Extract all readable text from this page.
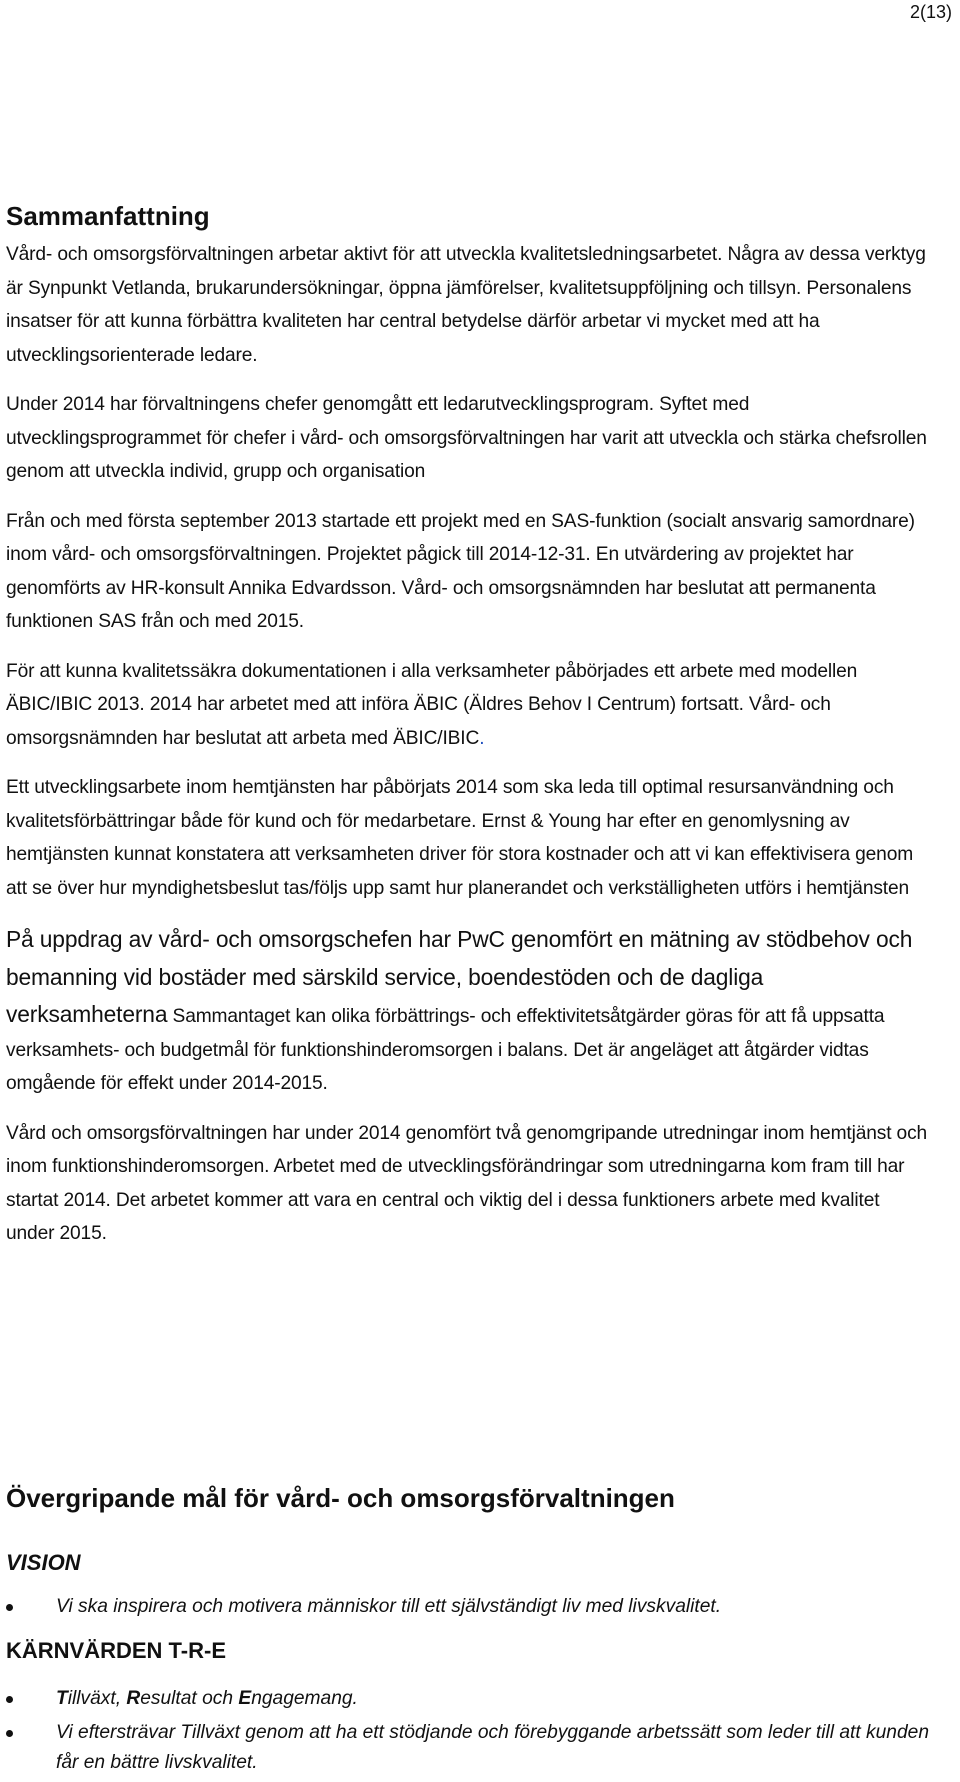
2(13)
Sammanfattning

Vård- och omsorgsförvaltningen arbetar aktivt för att utveckla kvalitetsledningsarbetet. Några av dessa verktyg är Synpunkt Vetlanda, brukarundersökningar, öppna jämförelser, kvalitetsuppföljning och tillsyn. Personalens insatser för att kunna förbättra kvaliteten har central betydelse därför arbetar vi mycket med att ha utvecklingsorienterade ledare.

Under 2014 har förvaltningens chefer genomgått ett ledarutvecklingsprogram. Syftet med utvecklingsprogrammet för chefer i vård- och omsorgsförvaltningen har varit att utveckla och stärka chefsrollen genom att utveckla individ, grupp och organisation

Från och med första september 2013 startade ett projekt med en SAS-funktion (socialt ansvarig samordnare) inom vård- och omsorgsförvaltningen. Projektet pågick till 2014-12-31. En utvärdering av projektet har genomförts av HR-konsult Annika Edvardsson. Vård- och omsorgsnämnden har beslutat att permanenta funktionen SAS från och med 2015.

För att kunna kvalitetssäkra dokumentationen i alla verksamheter påbörjades ett arbete med modellen ÄBIC/IBIC 2013. 2014 har arbetet med att införa ÄBIC (Äldres Behov I Centrum) fortsatt. Vård- och omsorgsnämnden har beslutat att arbeta med ÄBIC/IBIC.

Ett utvecklingsarbete inom hemtjänsten har påbörjats 2014 som ska leda till optimal resursanvändning och kvalitetsförbättringar både för kund och för medarbetare. Ernst & Young har efter en genomlysning av hemtjänsten kunnat konstatera att verksamheten driver för stora kostnader och att vi kan effektivisera genom att se över hur myndighetsbeslut tas/följs upp samt hur planerandet och verkställigheten utförs i hemtjänsten

På uppdrag av vård- och omsorgschefen har PwC genomfört en mätning av stödbehov och bemanning vid bostäder med särskild service, boendestöden och de dagliga verksamheterna Sammantaget kan olika förbättrings- och effektivitetsåtgärder göras för att få uppsatta verksamhets- och budgetmål för funktionshinderomsorgen i balans. Det är angeläget att åtgärder vidtas omgående för effekt under 2014-2015.

Vård och omsorgsförvaltningen har under 2014 genomfört två genomgripande utredningar inom hemtjänst och inom funktionshinderomsorgen. Arbetet med de utvecklingsförändringar som utredningarna kom fram till har startat 2014. Det arbetet kommer att vara en central och viktig del i dessa funktioners arbete med kvalitet under 2015.

Övergripande mål för vård- och omsorgsförvaltningen
VISION
Vi ska inspirera och motivera människor till ett självständigt liv med livskvalitet.
KÄRNVÄRDEN T-R-E
Tillväxt, Resultat och Engagemang.
Vi eftersträvar Tillväxt genom att ha ett stödjande och förebyggande arbetssätt som leder till att kunden får en bättre livskvalitet.
